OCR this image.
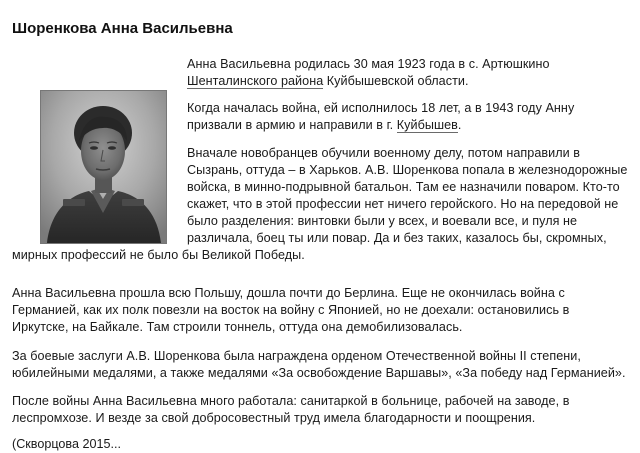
Шоренкова Анна Васильевна

Анна Васильевна родилась 30 мая 1923 года в с. Артюшкино Шенталинского района Куйбышевской области.

Когда началась война, ей исполнилось 18 лет, а в 1943 году Анну призвали в армию и направили в г. Куйбышев.

Вначале новобранцев обучили военному делу, потом направили в Сызрань, оттуда – в Харьков. А.В. Шоренкова попала в железнодорожные войска, в минно-подрывной батальон. Там ее назначили поваром. Кто-то скажет, что в этой профессии нет ничего геройского. Но на передовой не было разделения: винтовки были у всех, и воевали все, и пуля не различала, боец ты или повар. Да и без таких, казалось бы, скромных, мирных профессий не было бы Великой Победы.

Анна Васильевна прошла всю Польшу, дошла почти до Берлина. Еще не окончилась война с Германией, как их полк повезли на восток на войну с Японией, но не доехали: остановились в Иркутске, на Байкале. Там строили тоннель, оттуда она демобилизовалась.

За боевые заслуги А.В. Шоренкова была награждена орденом Отечественной войны II степени, юбилейными медалями, а также медалями «За освобождение Варшавы», «За победу над Германией».

После войны Анна Васильевна много работала: санитаркой в больнице, рабочей на заводе, в леспромхозе. И везде за свой добросовестный труд имела благодарности и поощрения.

(Скворцова 2015...
